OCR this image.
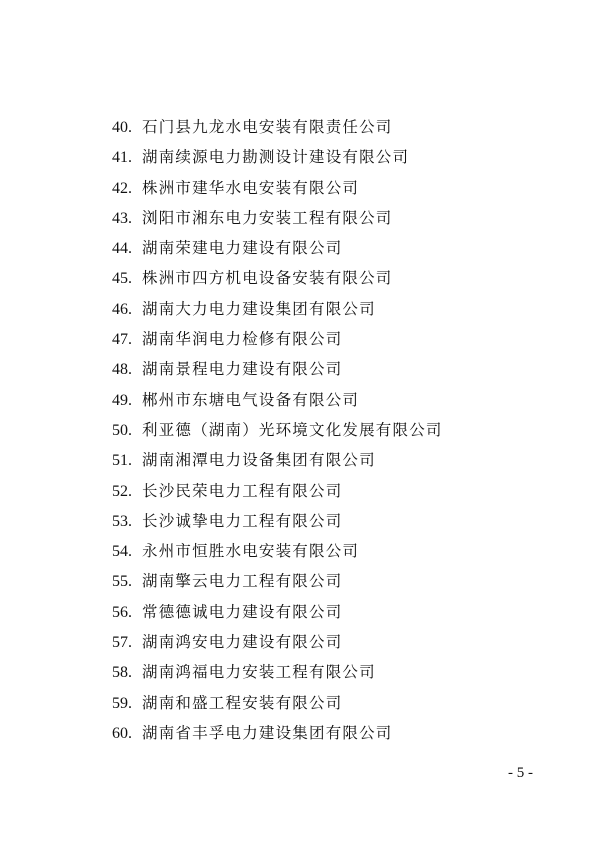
40. 石门县九龙水电安装有限责任公司
41. 湖南续源电力勘测设计建设有限公司
42. 株洲市建华水电安装有限公司
43. 浏阳市湘东电力安装工程有限公司
44. 湖南荣建电力建设有限公司
45. 株洲市四方机电设备安装有限公司
46. 湖南大力电力建设集团有限公司
47. 湖南华润电力检修有限公司
48. 湖南景程电力建设有限公司
49. 郴州市东塘电气设备有限公司
50. 利亚德（湖南）光环境文化发展有限公司
51. 湖南湘潭电力设备集团有限公司
52. 长沙民荣电力工程有限公司
53. 长沙诚挚电力工程有限公司
54. 永州市恒胜水电安装有限公司
55. 湖南擎云电力工程有限公司
56. 常德德诚电力建设有限公司
57. 湖南鸿安电力建设有限公司
58. 湖南鸿福电力安装工程有限公司
59. 湖南和盛工程安装有限公司
60. 湖南省丰孚电力建设集团有限公司
- 5 -
